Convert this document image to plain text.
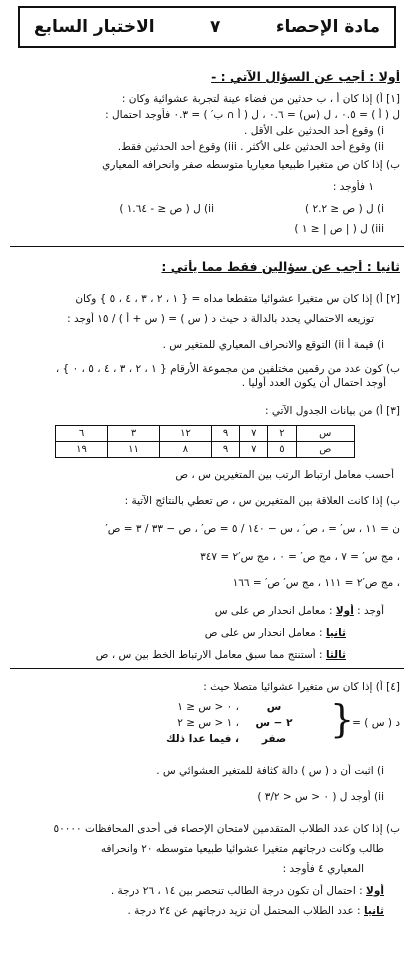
مادة الإحصاء
٧
الاختبار السابع
أولا : أجب عن السؤال الآتي : -
[١] أ) إذا كان أ ، ب حدثين من فضاء عينة لتجربة عشوائية وكان :
ل ( أ ) = ٠.٥ ، ل (س) = ٠.٦ ، ل ( أ ∩ ب′ ) = ٠.٣ فأوجد احتمال :
i) وقوع أحد الحدثين على الأقل .
ii) وقوع أحد الحدثين على الأكثر . iii) وقوع أحد الحدثين فقط.
ب) إذا كان ص متغيرا طبيعيا معياريا متوسطه صفر وانحرافه المعياري
١ فأوجد :
i) ل ( ص ≤ ٢.٢ )
ii) ل ( ص ≤ - ١.٦٤ )
iii) ل ( | ص | ≤ ١ )
ثانيا : أجب عن سؤالين فقط مما يأتي :
[٢] أ) إذا كان س متغيرا عشوائيا متقطعا مداه = { ١ ، ٢ ، ٣ ، ٤ ، ٥ } وكان
توزيعه الاحتمالي يحدد بالدالة د حيث د ( س ) = ( س + أ ) / ١٥ أوجد :
i) قيمة أ ii) التوقع والانحراف المعياري للمتغير س .
ب) كون عدد من رقمين مختلفين من مجموعة الأرقام { ١ ، ٢ ، ٣ ، ٤ ، ٥ ، ٠ } ،
أوجد احتمال أن يكون العدد أوليا .
[٣] أ) من بيانات الجدول الآتي :
س	٢	٧	٩	١٢	٣	٦
ص	٥	٧	٩	٨	١١	١٩
أحسب معامل ارتباط الرتب بين المتغيرين س ، ص
ب) إذا كانت العلاقة بين المتغيرين س ، ص تعطي بالنتائج الآتية :
ن = ١١ ، س′ = ، ص′ ، س − ١٤٠ / ٥ = ص′ ، ص − ٣٣ / ٣ = ص′
، مج س′ = ٧ ، مج ص′ = ٠ ، مج س′٢ = ٣٤٧
، مج ص′٢ = ١١١ ، مج س′ ص′ = ١٦٦
أوجد : أولا : معامل انحدار ص على س
ثانيا : معامل انحدار س على ص
ثالثا : أستنتج مما سبق معامل الارتباط الخط بين س ، ص
[٤] أ) إذا كان س متغيرا عشوائيا متصلا حيث :
د ( س ) =
{
س
، ٠ < س ≤ ١
٢ − س
، ١ < س ≤ ٢
صفر
، فيما عدا ذلك
i) اثبت أن د ( س ) دالة كثافة للمتغير العشوائي س .
ii) أوجد ل ( ٠ < س < ٣/٢ )
ب) إذا كان عدد الطلاب المتقدمين لامتحان الإحصاء فى أحدى المحافظات ٥٠٠٠٠
طالب وكانت درجاتهم متغيرا عشوائيا طبيعيا متوسطه ٢٠ وانحرافه
المعياري ٤ فأوجد :
أولا : احتمال أن تكون درجة الطالب تنحصر بين ١٤ ، ٢٦ درجة .
ثانيا : عدد الطلاب المحتمل أن تزيد درجاتهم عن ٢٤ درجة .
